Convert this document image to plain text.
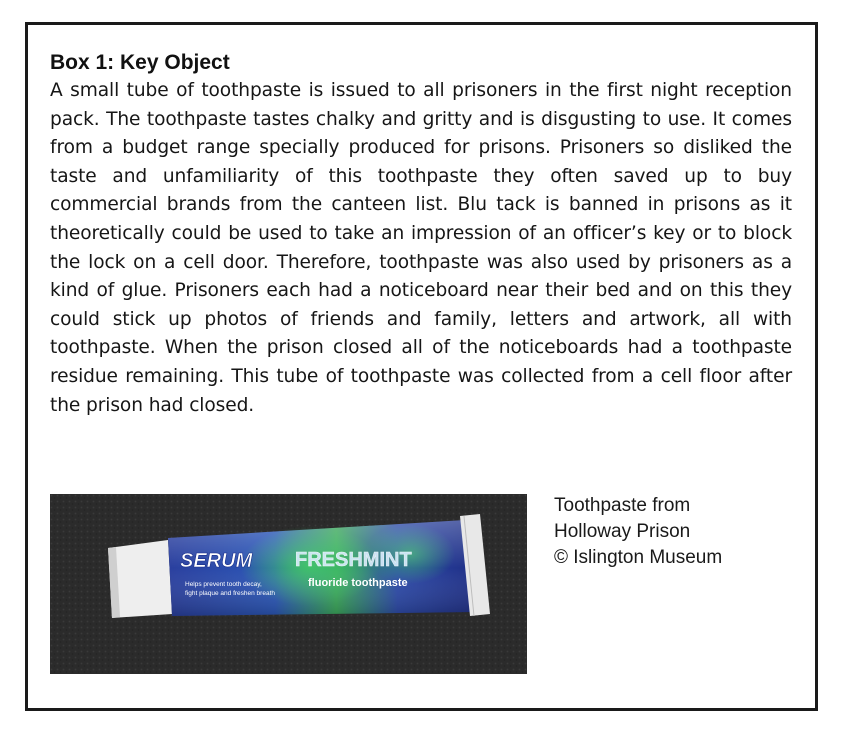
Box 1: Key Object

A small tube of toothpaste is issued to all prisoners in the first night reception pack. The toothpaste tastes chalky and gritty and is disgusting to use. It comes from a budget range specially produced for prisons. Prisoners so disliked the taste and unfamiliarity of this toothpaste they often saved up to buy commercial brands from the canteen list. Blu tack is banned in prisons as it theoretically could be used to take an impression of an officer’s key or to block the lock on a cell door. Therefore, toothpaste was also used by prisoners as a kind of glue. Prisoners each had a noticeboard near their bed and on this they could stick up photos of friends and family, letters and artwork, all with toothpaste. When the prison closed all of the noticeboards had a toothpaste residue remaining. This tube of toothpaste was collected from a cell floor after the prison had closed.

SERUM FRESHMINT
fluoride toothpaste
Helps prevent tooth decay,
fight plaque and freshen breath
Toothpaste from
Holloway Prison
© Islington Museum
